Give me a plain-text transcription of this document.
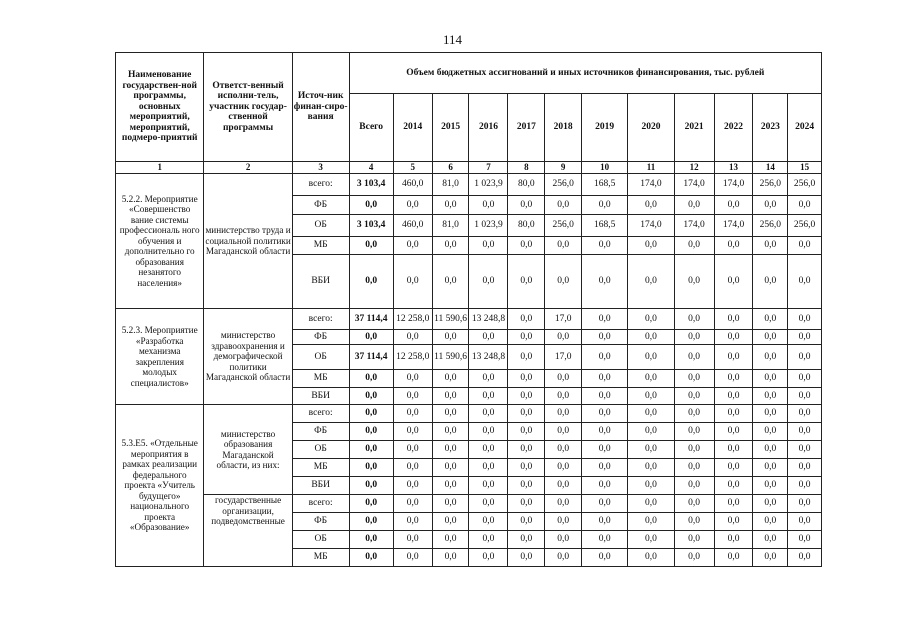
114
Наименование государствен-ной программы, основных мероприятий, мероприятий, подмеро-приятий	Ответст-венный исполни-тель, участник государ-ственной программы	Источ-ник финан-сиро-вания	Объем бюджетных ассигнований и иных источников финансирования, тыс. рублей											
			Всего	2014	2015	2016	2017	2018	2019	2020	2021	2022	2023	2024
1	2	3	4	5	6	7	8	9	10	11	12	13	14	15
5.2.2. Мероприятие «Совершенство вание системы профессиональ ного обучения и дополнительно го образования незанятого населения»	министерство труда и социальной политики Магаданской области	всего:	3 103,4	460,0	81,0	1 023,9	80,0	256,0	168,5	174,0	174,0	174,0	256,0	256,0
		ФБ	0,0	0,0	0,0	0,0	0,0	0,0	0,0	0,0	0,0	0,0	0,0	0,0
		ОБ	3 103,4	460,0	81,0	1 023,9	80,0	256,0	168,5	174,0	174,0	174,0	256,0	256,0
		МБ	0,0	0,0	0,0	0,0	0,0	0,0	0,0	0,0	0,0	0,0	0,0	0,0
		ВБИ	0,0	0,0	0,0	0,0	0,0	0,0	0,0	0,0	0,0	0,0	0,0	0,0
5.2.3. Мероприятие «Разработка механизма закрепления молодых специалистов»	министерство здравоохранения и демографической политики Магаданской области	всего:	37 114,4	12 258,0	11 590,6	13 248,8	0,0	17,0	0,0	0,0	0,0	0,0	0,0	0,0
		ФБ	0,0	0,0	0,0	0,0	0,0	0,0	0,0	0,0	0,0	0,0	0,0	0,0
		ОБ	37 114,4	12 258,0	11 590,6	13 248,8	0,0	17,0	0,0	0,0	0,0	0,0	0,0	0,0
		МБ	0,0	0,0	0,0	0,0	0,0	0,0	0,0	0,0	0,0	0,0	0,0	0,0
		ВБИ	0,0	0,0	0,0	0,0	0,0	0,0	0,0	0,0	0,0	0,0	0,0	0,0
5.3.Е5. «Отдельные мероприятия в рамках реализации федерального проекта «Учитель будущего» национального проекта «Образование»	министерство образования Магаданской области, из них:	всего:	0,0	0,0	0,0	0,0	0,0	0,0	0,0	0,0	0,0	0,0	0,0	0,0
		ФБ	0,0	0,0	0,0	0,0	0,0	0,0	0,0	0,0	0,0	0,0	0,0	0,0
		ОБ	0,0	0,0	0,0	0,0	0,0	0,0	0,0	0,0	0,0	0,0	0,0	0,0
		МБ	0,0	0,0	0,0	0,0	0,0	0,0	0,0	0,0	0,0	0,0	0,0	0,0
		ВБИ	0,0	0,0	0,0	0,0	0,0	0,0	0,0	0,0	0,0	0,0	0,0	0,0
	государственные организации, подведомственные	всего:	0,0	0,0	0,0	0,0	0,0	0,0	0,0	0,0	0,0	0,0	0,0	0,0
		ФБ	0,0	0,0	0,0	0,0	0,0	0,0	0,0	0,0	0,0	0,0	0,0	0,0
		ОБ	0,0	0,0	0,0	0,0	0,0	0,0	0,0	0,0	0,0	0,0	0,0	0,0
		МБ	0,0	0,0	0,0	0,0	0,0	0,0	0,0	0,0	0,0	0,0	0,0	0,0
